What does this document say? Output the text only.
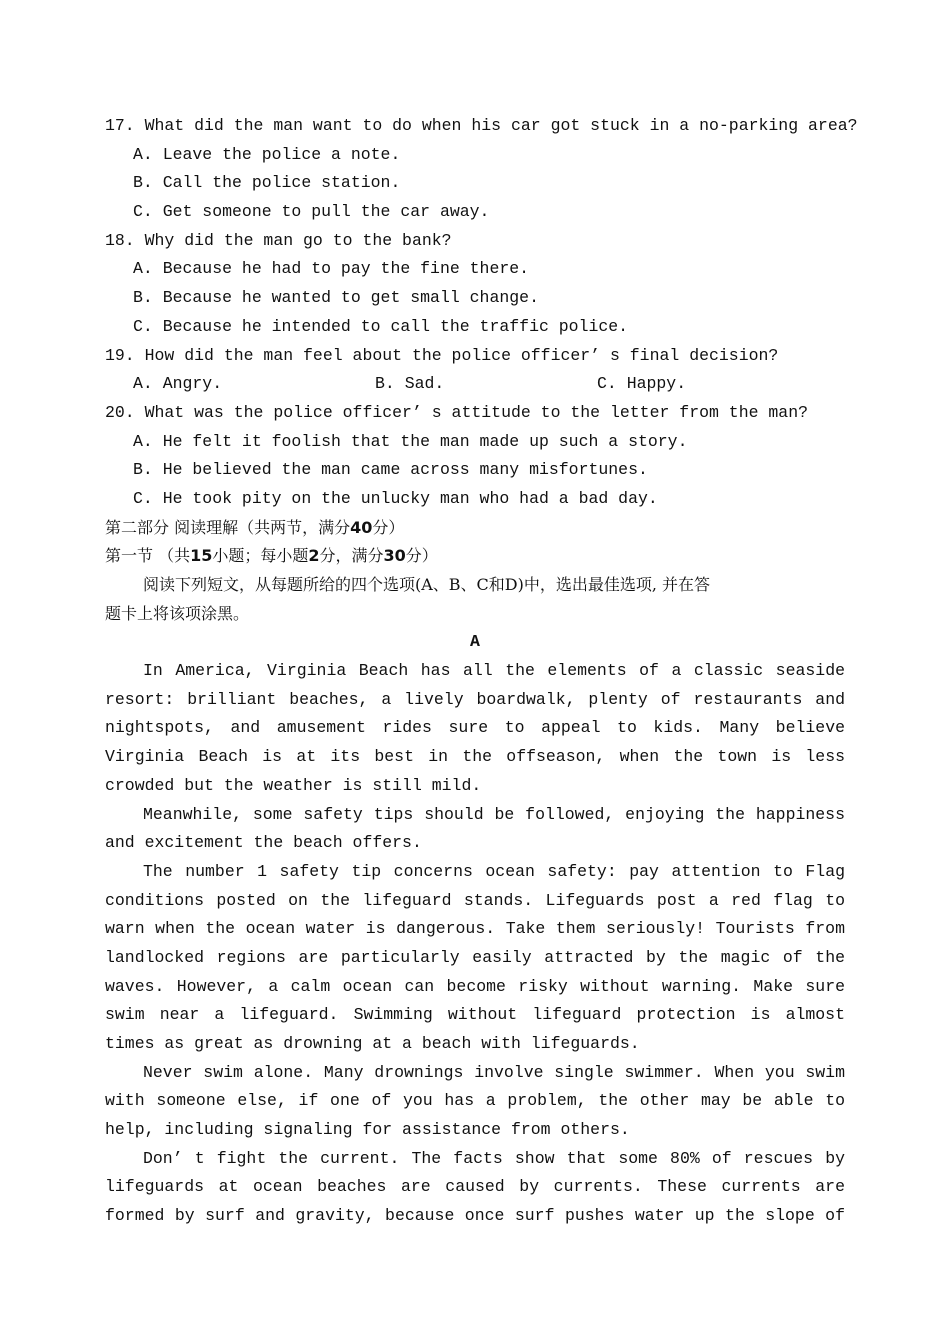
17. What did the man want to do when his car got stuck in a no-parking area?
A. Leave the police a note.
B. Call the police station.
C. Get someone to pull the car away.
18. Why did the man go to the bank?
A. Because he had to pay the fine there.
B. Because he wanted to get small change.
C. Because he intended to call the traffic police.
19. How did the man feel about the police officer’ s final decision?
A. Angry.	B. Sad.	C. Happy.
20. What was the police officer’ s attitude to the letter from the man?
A. He felt it foolish that the man made up such a story.
B. He believed the man came across many misfortunes.
C. He took pity on the unlucky man who had a bad day.
第二部分 阅读理解（共两节，满分40分）
第一节 （共15小题；每小题2分，满分30分）
阅读下列短文，从每题所给的四个选项(A、B、C和D)中，选出最佳选项, 并在答
题卡上将该项涂黑。
A
In America, Virginia Beach has all the elements of a classic seaside
resort: brilliant beaches, a lively boardwalk, plenty of restaurants and
nightspots, and amusement rides sure to appeal to kids. Many believe
Virginia Beach is at its best in the offseason, when the town is less
crowded but the weather is still mild.
Meanwhile, some safety tips should be followed, enjoying the happiness
and excitement the beach offers.
The number 1 safety tip concerns ocean safety: pay attention to Flag
conditions posted on the lifeguard stands. Lifeguards post a red flag to
warn when the ocean water is dangerous. Take them seriously! Tourists from
landlocked regions are particularly easily attracted by the magic of the
waves. However, a calm ocean can become risky without warning. Make sure
swim near a lifeguard. Swimming without lifeguard protection is almost
times as great as drowning at a beach with lifeguards.
Never swim alone. Many drownings involve single swimmer. When you swim
with someone else, if one of you has a problem, the other may be able to
help, including signaling for assistance from others.
Don’ t fight the current. The facts show that some 80% of rescues by
lifeguards at ocean beaches are caused by currents. These currents are
formed by surf and gravity, because once surf pushes water up the slope of
